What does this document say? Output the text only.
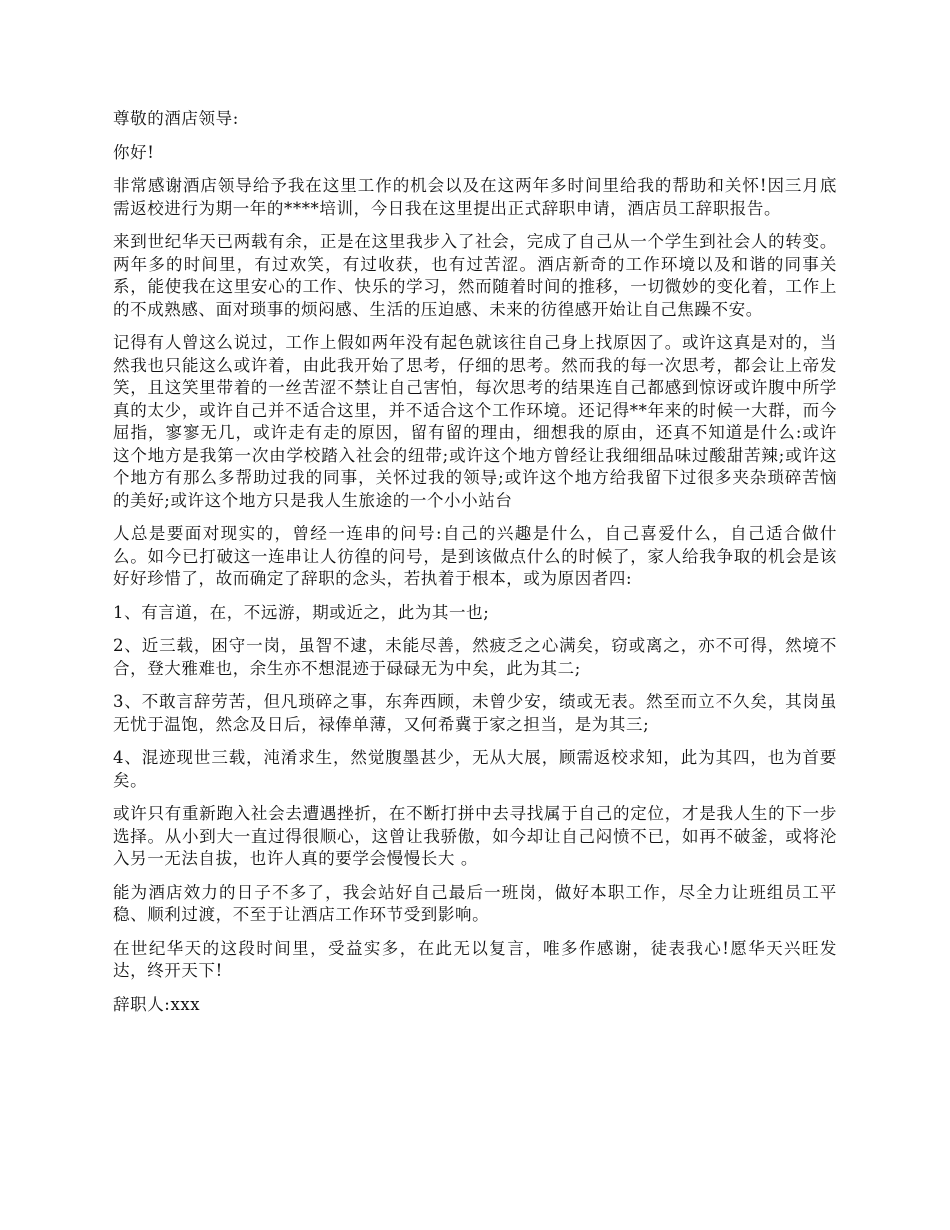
尊敬的酒店领导:

你好!

非常感谢酒店领导给予我在这里工作的机会以及在这两年多时间里给我的帮助和关怀!因三月底需返校进行为期一年的****培训，今日我在这里提出正式辞职申请，酒店员工辞职报告。

来到世纪华天已两载有余，正是在这里我步入了社会，完成了自己从一个学生到社会人的转变。两年多的时间里，有过欢笑，有过收获，也有过苦涩。酒店新奇的工作环境以及和谐的同事关系，能使我在这里安心的工作、快乐的学习，然而随着时间的推移，一切微妙的变化着，工作上的不成熟感、面对琐事的烦闷感、生活的压迫感、未来的彷徨感开始让自己焦躁不安。

记得有人曾这么说过，工作上假如两年没有起色就该往自己身上找原因了。或许这真是对的，当然我也只能这么或许着，由此我开始了思考，仔细的思考。然而我的每一次思考，都会让上帝发笑，且这笑里带着的一丝苦涩不禁让自己害怕，每次思考的结果连自己都感到惊讶或许腹中所学真的太少，或许自己并不适合这里，并不适合这个工作环境。还记得**年来的时候一大群，而今屈指，寥寥无几，或许走有走的原因，留有留的理由，细想我的原由，还真不知道是什么:或许这个地方是我第一次由学校踏入社会的纽带;或许这个地方曾经让我细细品味过酸甜苦辣;或许这个地方有那么多帮助过我的同事，关怀过我的领导;或许这个地方给我留下过很多夹杂琐碎苦恼的美好;或许这个地方只是我人生旅途的一个小小站台

人总是要面对现实的，曾经一连串的问号:自己的兴趣是什么，自己喜爱什么，自己适合做什么。如今已打破这一连串让人彷徨的问号，是到该做点什么的时候了，家人给我争取的机会是该好好珍惜了，故而确定了辞职的念头，若执着于根本，或为原因者四:

1、有言道，在，不远游，期或近之，此为其一也;

2、近三载，困守一岗，虽智不逮，未能尽善，然疲乏之心满矣，窃或离之，亦不可得，然境不合，登大雅难也，余生亦不想混迹于碌碌无为中矣，此为其二;

3、不敢言辞劳苦，但凡琐碎之事，东奔西顾，未曾少安，绩或无表。然至而立不久矣，其岗虽无忧于温饱，然念及日后，禄俸单薄，又何希冀于家之担当，是为其三;

4、混迹现世三载，沌淆求生，然觉腹墨甚少，无从大展，顾需返校求知，此为其四，也为首要矣。

或许只有重新跑入社会去遭遇挫折，在不断打拼中去寻找属于自己的定位，才是我人生的下一步选择。从小到大一直过得很顺心，这曾让我骄傲，如今却让自己闷愤不已，如再不破釜，或将沦入另一无法自拔，也许人真的要学会慢慢长大 。

能为酒店效力的日子不多了，我会站好自己最后一班岗，做好本职工作，尽全力让班组员工平稳、顺利过渡，不至于让酒店工作环节受到影响。

在世纪华天的这段时间里，受益实多，在此无以复言，唯多作感谢，徒表我心!愿华天兴旺发达，终开天下!

辞职人:xxx
